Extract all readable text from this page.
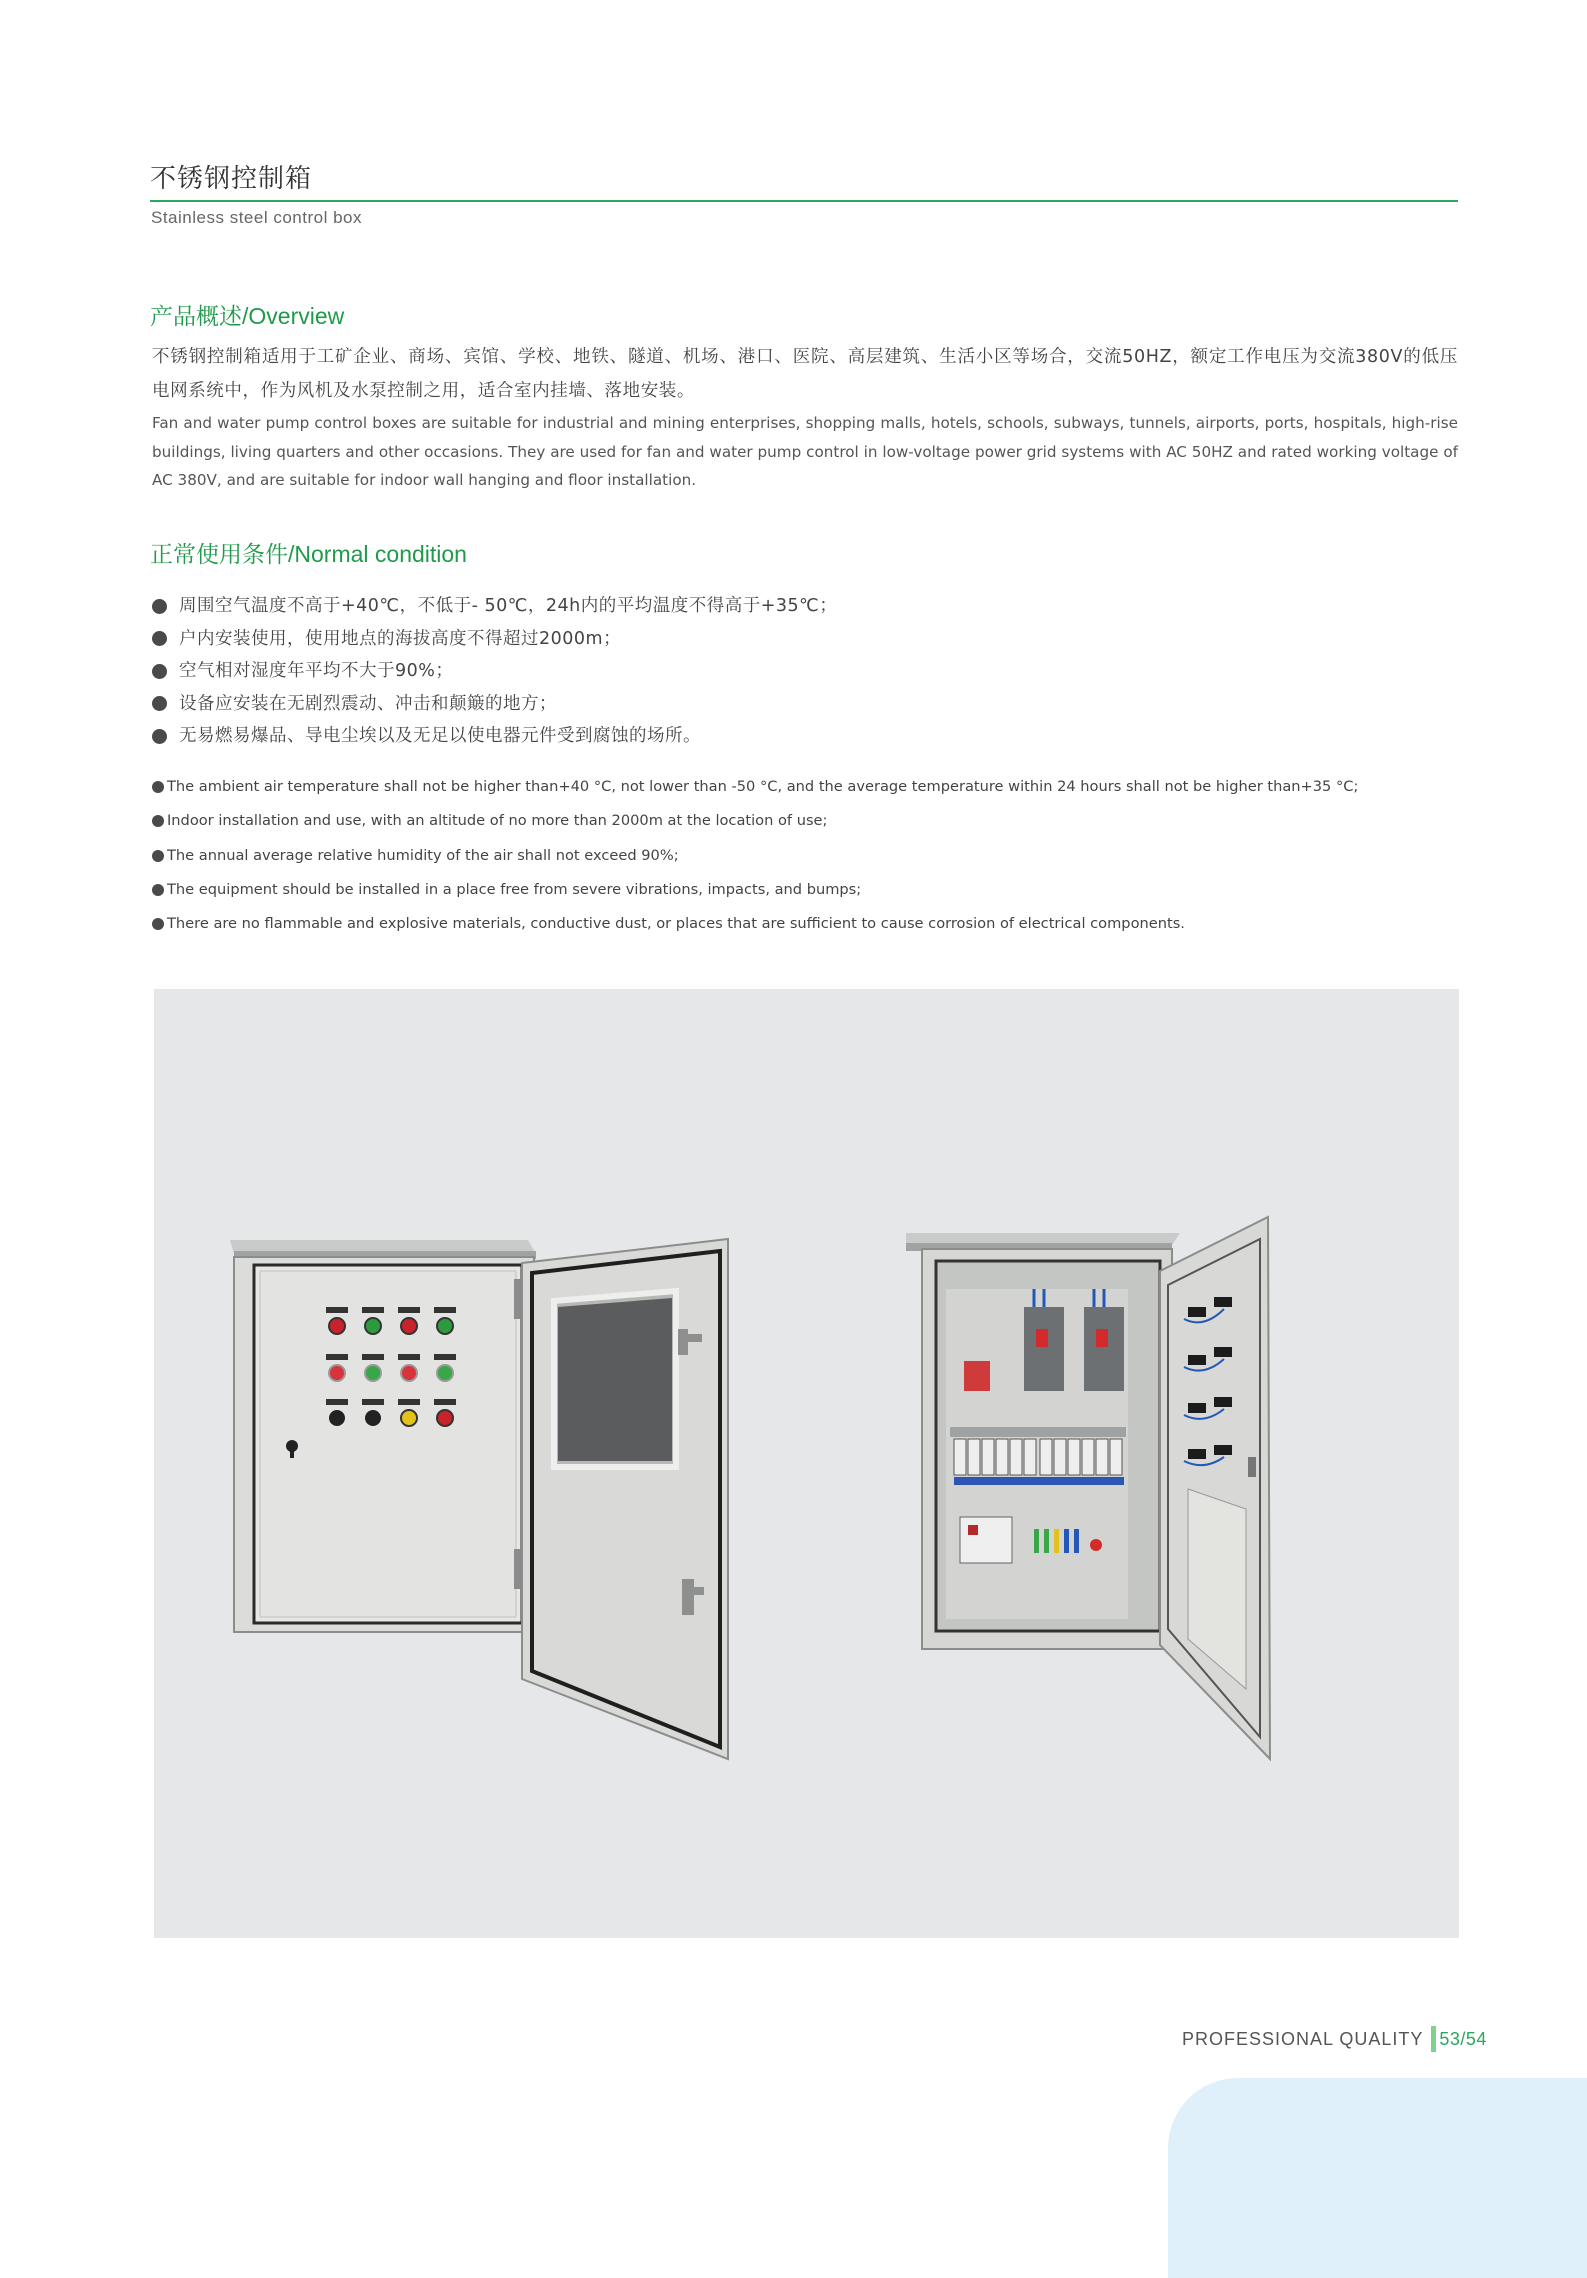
不锈钢控制箱
Stainless steel control box
产品概述/Overview
不锈钢控制箱适用于工矿企业、商场、宾馆、学校、地铁、隧道、机场、港口、医院、高层建筑、生活小区等场合，交流50HZ，额定工作电压为交流380V的低压电网系统中，作为风机及水泵控制之用，适合室内挂墙、落地安装。
Fan and water pump control boxes are suitable for industrial and mining enterprises, shopping malls, hotels, schools, subways, tunnels, airports, ports, hospitals, high-rise buildings, living quarters and other occasions. They are used for fan and water pump control in low-voltage power grid systems with AC 50HZ and rated working voltage of AC 380V, and are suitable for indoor wall hanging and floor installation.
正常使用条件/Normal condition
周围空气温度不高于+40℃，不低于- 50℃，24h内的平均温度不得高于+35℃；
户内安装使用，使用地点的海拔高度不得超过2000m；
空气相对湿度年平均不大于90%；
设备应安装在无剧烈震动、冲击和颠簸的地方；
无易燃易爆品、导电尘埃以及无足以使电器元件受到腐蚀的场所。
The ambient air temperature shall not be higher than+40 °C, not lower than -50 °C, and the average temperature within 24 hours shall not be higher than+35 °C;
Indoor installation and use, with an altitude of no more than 2000m at the location of use;
The annual average relative humidity of the air shall not exceed 90%;
The equipment should be installed in a place free from severe vibrations, impacts, and bumps;
There are no flammable and explosive materials, conductive dust, or places that are sufficient to cause corrosion of electrical components.
PROFESSIONAL QUALITY 53/54
